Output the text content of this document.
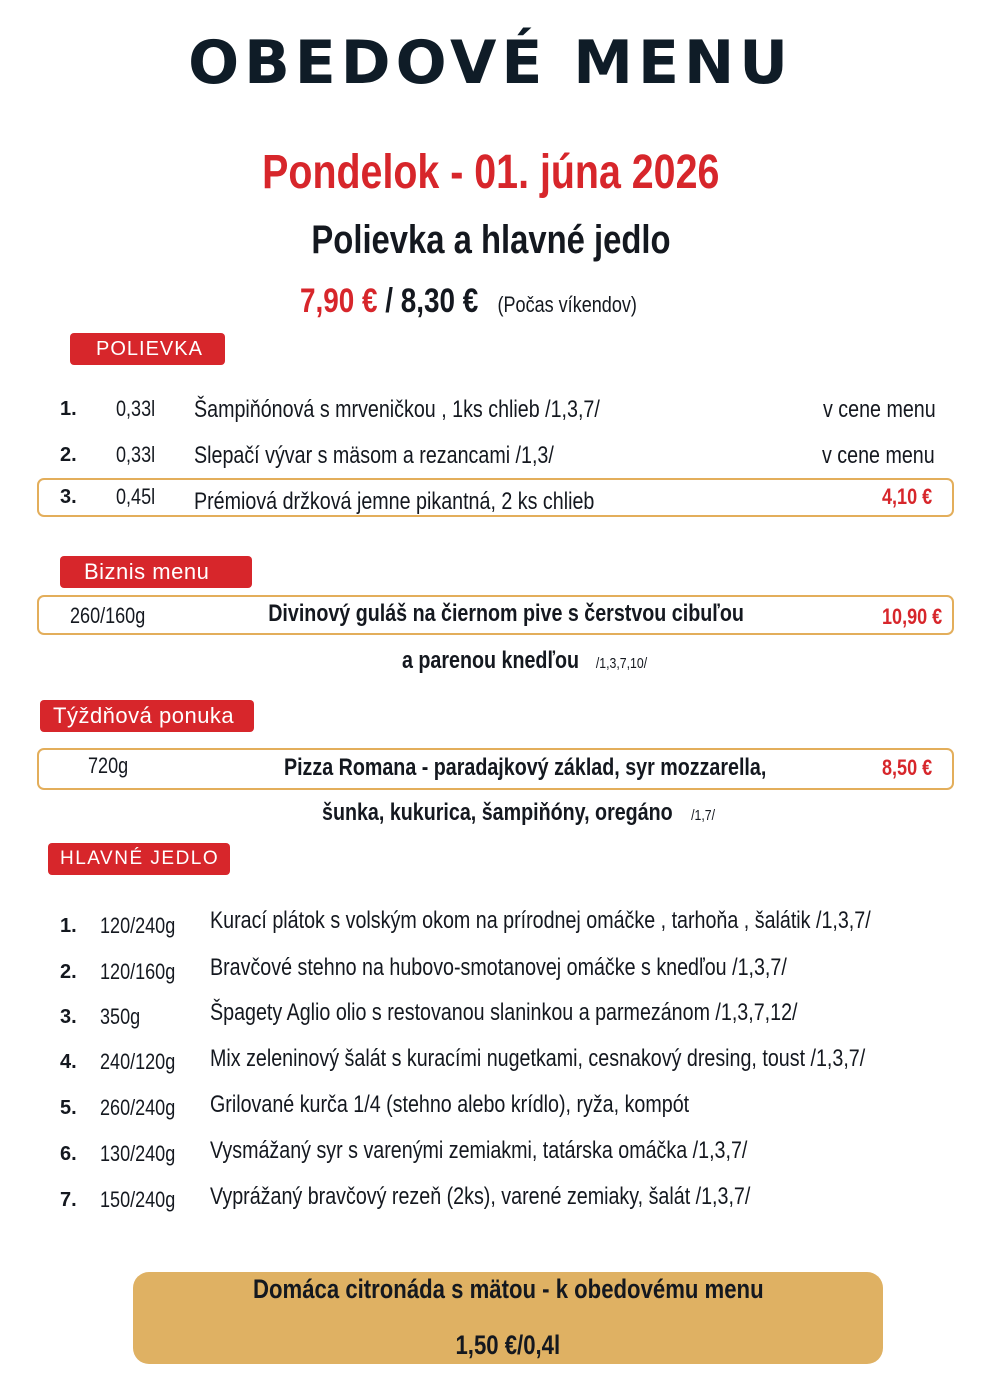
OBEDOVÉ MENU
Pondelok - 01. júna 2026
Polievka a hlavné jedlo
7,90 € / 8,30 € (Počas víkendov)
POLIEVKA
1. 0,33l	Šampiňónová s mrveničkou , 1ks chlieb /1,3,7/	v cene menu
2. 0,33l	Slepačí vývar s mäsom a rezancami /1,3/	v cene menu
3. 0,45l	Prémiová držková jemne pikantná, 2 ks chlieb	4,10 €
Biznis menu
260/160g	Divinový guláš na čiernom pive s čerstvou cibuľou	10,90 €
a parenou knedľou /1,3,7,10/
Týždňová ponuka
720g	Pizza Romana - paradajkový základ, syr mozzarella,	8,50 €
šunka, kukurica, šampiňóny, oregáno /1,7/
HLAVNÉ JEDLO
1. 120/240g	Kurací plátok s volským okom na prírodnej omáčke , tarhoňa , šalátik /1,3,7/
2. 120/160g	Bravčové stehno na hubovo-smotanovej omáčke s knedľou /1,3,7/
3. 350g	Špagety Aglio olio s restovanou slaninkou a parmezánom /1,3,7,12/
4. 240/120g	Mix zeleninový šalát s kuracími nugetkami, cesnakový dresing, toust /1,3,7/
5. 260/240g	Grilované kurča 1/4 (stehno alebo krídlo), ryža, kompót
6. 130/240g	Vysmážaný syr s varenými zemiakmi, tatárska omáčka /1,3,7/
7. 150/240g	Vyprážaný bravčový rezeň (2ks), varené zemiaky, šalát /1,3,7/
Domáca citronáda s mätou - k obedovému menu
1,50 €/0,4l
